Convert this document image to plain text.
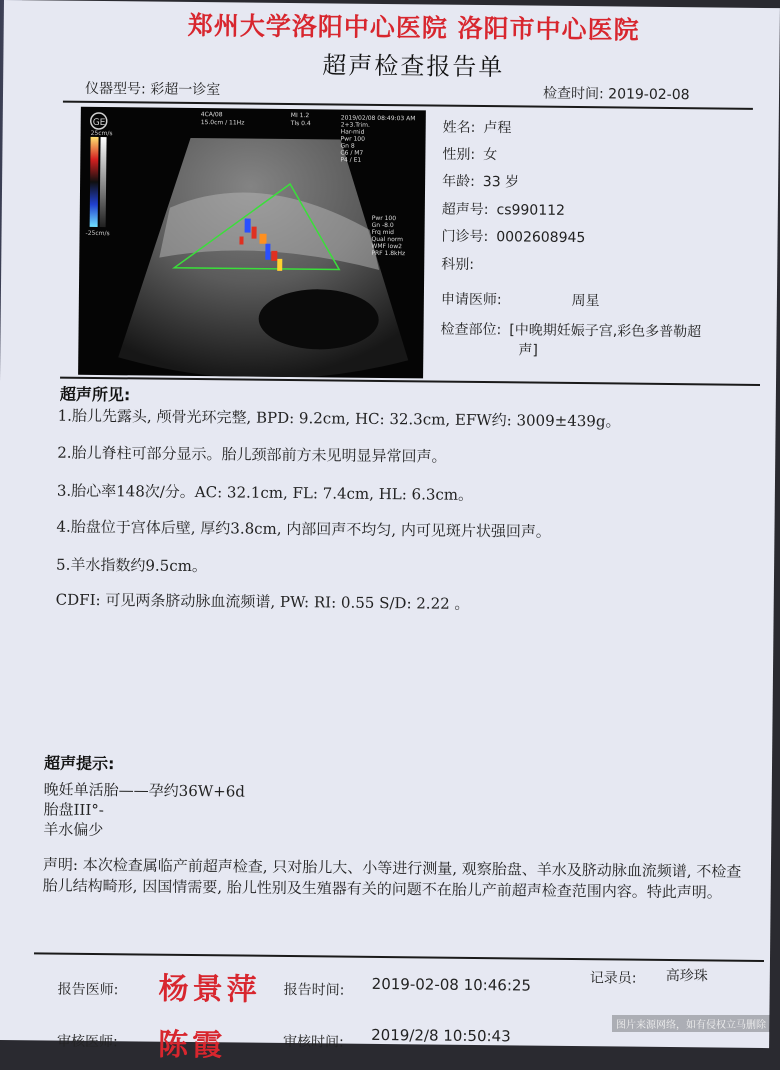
郑州大学洛阳中心医院 洛阳市中心医院
超声检查报告单
仪器型号: 彩超一诊室	检查时间: 2019-02-08
GE
25cm/s
-25cm/s
4CA/0815.0cm / 11Hz
MI 1.2TIs 0.4
2019/02/08 08:49:03 AM2+3.Trim.Har-midPwr 100Gn 8C6 / M7P4 / E1
Pwr 100Gn -8.0Frq midQual normWMF low2PRF 1.8kHz
姓名: 卢程
性别: 女
年龄: 33 岁
超声号: cs990112
门诊号: 0002608945
科别:
申请医师:	周星
检查部位: [中晚期妊娠子宫,彩色多普勒超
声]
超声所见:
1.胎儿先露头, 颅骨光环完整, BPD: 9.2cm, HC: 32.3cm, EFW约: 3009±439g。
2.胎儿脊柱可部分显示。胎儿颈部前方未见明显异常回声。
3.胎心率148次/分。AC: 32.1cm, FL: 7.4cm, HL: 6.3cm。
4.胎盘位于宫体后壁, 厚约3.8cm, 内部回声不均匀, 内可见斑片状强回声。
5.羊水指数约9.5cm。
CDFI: 可见两条脐动脉血流频谱, PW: RI: 0.55 S/D: 2.22 。
超声提示:
晚妊单活胎——孕约36W+6d
胎盘III°-
羊水偏少
声明: 本次检查属临产前超声检查, 只对胎儿大、小等进行测量, 观察胎盘、羊水及脐动脉血流频谱, 不检查胎儿结构畸形, 因国情需要, 胎儿性别及生殖器有关的问题不在胎儿产前超声检查范围内容。特此声明。
报告医师: 杨景萍 报告时间: 2019-02-08 10:46:25	记录员: 高珍珠
审核医师: 陈霞	审核时间: 2019/2/8 10:50:43
图片来源网络，如有侵权立马删除
